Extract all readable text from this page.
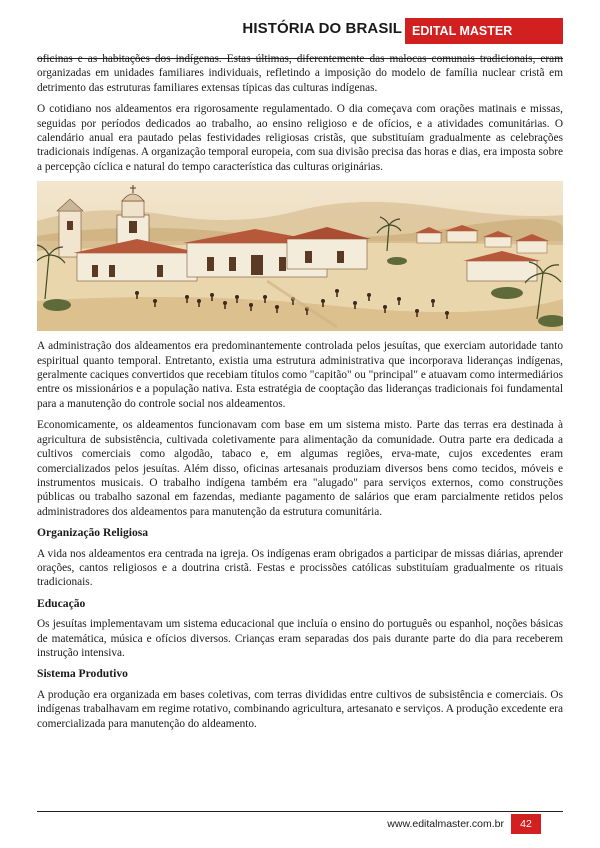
HISTÓRIA DO BRASIL EDITAL MASTER

oficinas e as habitações dos indígenas. Estas últimas, diferentemente das malocas comunais tradicionais, eram organizadas em unidades familiares individuais, refletindo a imposição do modelo de família nuclear cristã em detrimento das estruturas familiares extensas típicas das culturas indígenas.

O cotidiano nos aldeamentos era rigorosamente regulamentado. O dia começava com orações matinais e missas, seguidas por períodos dedicados ao trabalho, ao ensino religioso e de ofícios, e a atividades comunitárias. O calendário anual era pautado pelas festividades religiosas cristãs, que substituíam gradualmente as celebrações tradicionais indígenas. A organização temporal europeia, com sua divisão precisa das horas e dias, era imposta sobre a percepção cíclica e natural do tempo característica das culturas originárias.

A administração dos aldeamentos era predominantemente controlada pelos jesuítas, que exerciam autoridade tanto espiritual quanto temporal. Entretanto, existia uma estrutura administrativa que incorporava lideranças indígenas, geralmente caciques convertidos que recebiam títulos como "capitão" ou "principal" e atuavam como intermediários entre os missionários e a população nativa. Esta estratégia de cooptação das lideranças tradicionais foi fundamental para a manutenção do controle social nos aldeamentos.

Economicamente, os aldeamentos funcionavam com base em um sistema misto. Parte das terras era destinada à agricultura de subsistência, cultivada coletivamente para alimentação da comunidade. Outra parte era dedicada a cultivos comerciais como algodão, tabaco e, em algumas regiões, erva-mate, cujos excedentes eram comercializados pelos jesuítas. Além disso, oficinas artesanais produziam diversos bens como tecidos, móveis e instrumentos musicais. O trabalho indígena também era "alugado" para serviços externos, como construções públicas ou trabalho sazonal em fazendas, mediante pagamento de salários que eram parcialmente retidos pelos administradores dos aldeamentos para manutenção da estrutura comunitária.

Organização Religiosa

A vida nos aldeamentos era centrada na igreja. Os indígenas eram obrigados a participar de missas diárias, aprender orações, cantos religiosos e a doutrina cristã. Festas e procissões católicas substituíam gradualmente os rituais tradicionais.

Educação

Os jesuítas implementavam um sistema educacional que incluía o ensino do português ou espanhol, noções básicas de matemática, música e ofícios diversos. Crianças eram separadas dos pais durante parte do dia para receberem instrução intensiva.

Sistema Produtivo

A produção era organizada em bases coletivas, com terras divididas entre cultivos de subsistência e comerciais. Os indígenas trabalhavam em regime rotativo, combinando agricultura, artesanato e serviços. A produção excedente era comercializada para manutenção do aldeamento.

www.editalmaster.com.br	42
